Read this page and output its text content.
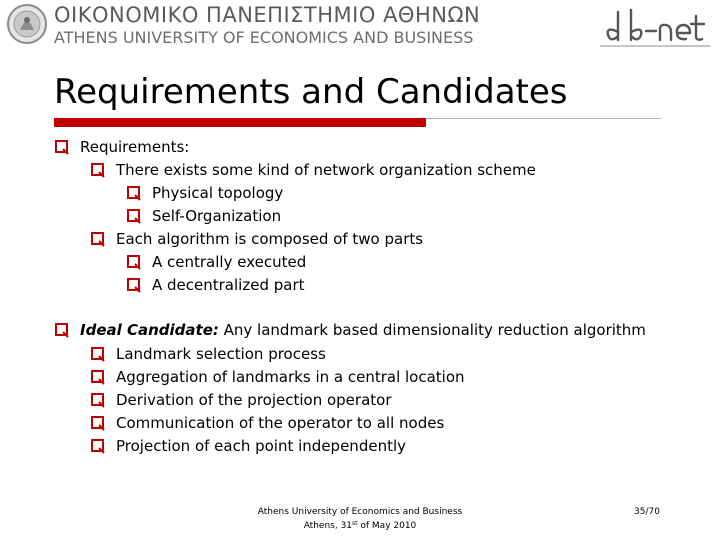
ΟΙΚΟΝΟΜΙΚΟ ΠΑΝΕΠΙΣΤΗΜΙΟ ΑΘΗΝΩΝ
ATHENS UNIVERSITY OF ECONOMICS AND BUSINESS
Requirements and Candidates
Requirements:
There exists some kind of network organization scheme
Physical topology
Self-Organization
Each algorithm is composed of two parts
A centrally executed
A decentralized part
Ideal Candidate: Any landmark based dimensionality reduction algorithm
Landmark selection process
Aggregation of landmarks in a central location
Derivation of the projection operator
Communication of the operator to all nodes
Projection of each point independently
Athens University of Economics and Business
Athens, 31st of May 2010
35/70
